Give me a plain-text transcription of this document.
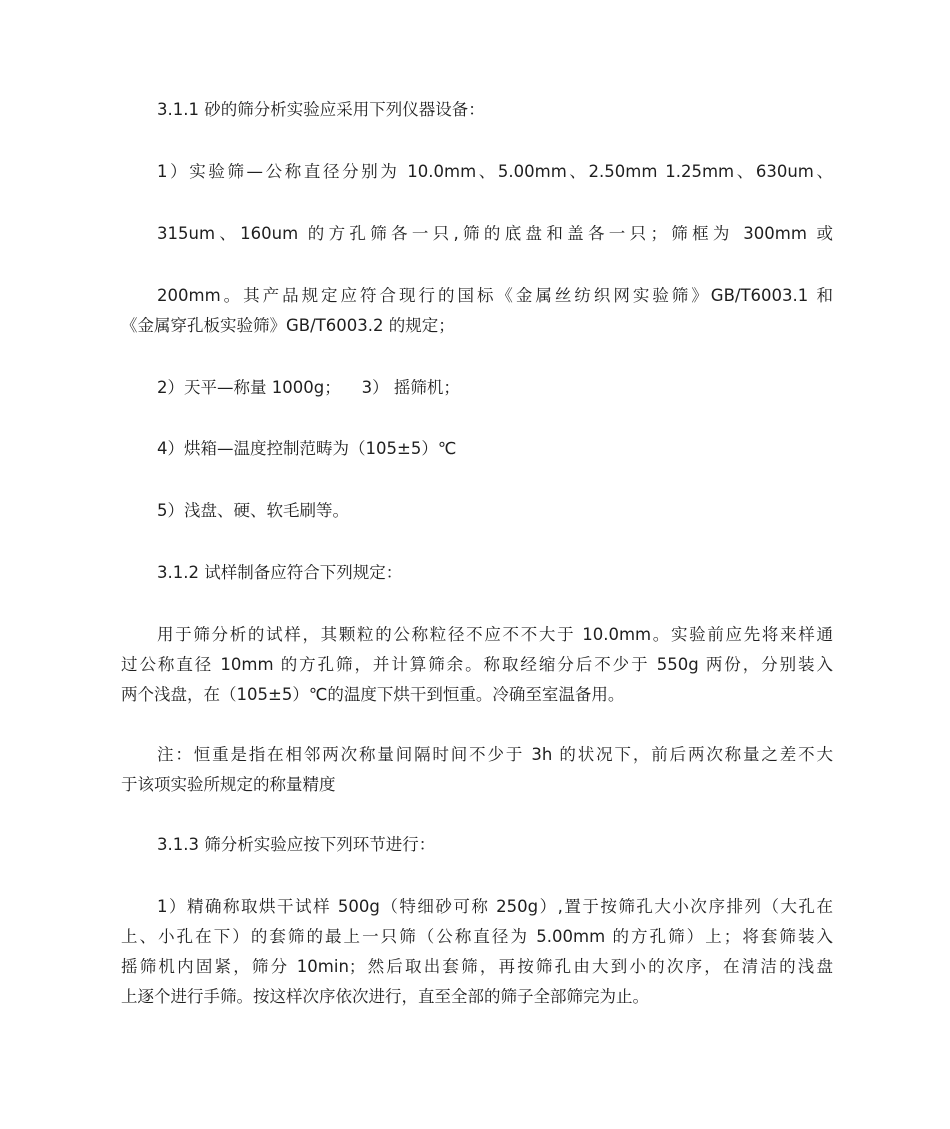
3.1.1 砂的筛分析实验应采用下列仪器设备：
1）实验筛—公称直径分别为 10.0mm、5.00mm、2.50mm 1.25mm、630um、
315um、160um 的方孔筛各一只,筛的底盘和盖各一只；筛框为 300mm 或
200mm。其产品规定应符合现行的国标《金属丝纺织网实验筛》GB/T6003.1 和
《金属穿孔板实验筛》GB/T6003.2 的规定；
2）天平—称量 1000g；    3） 摇筛机；
4）烘箱—温度控制范畴为（105±5）℃
5）浅盘、硬、软毛刷等。
3.1.2 试样制备应符合下列规定：
用于筛分析的试样，其颗粒的公称粒径不应不不大于 10.0mm。实验前应先将来样通
过公称直径 10mm 的方孔筛，并计算筛余。称取经缩分后不少于 550g 两份，分别装入
两个浅盘，在（105±5）℃的温度下烘干到恒重。冷确至室温备用。
注：恒重是指在相邻两次称量间隔时间不少于 3h 的状况下，前后两次称量之差不大
于该项实验所规定的称量精度
3.1.3 筛分析实验应按下列环节进行：
1）精确称取烘干试样 500g（特细砂可称 250g）,置于按筛孔大小次序排列（大孔在
上、小孔在下）的套筛的最上一只筛（公称直径为 5.00mm 的方孔筛）上；将套筛装入
摇筛机内固紧，筛分 10min；然后取出套筛，再按筛孔由大到小的次序，在清洁的浅盘
上逐个进行手筛。按这样次序依次进行，直至全部的筛子全部筛完为止。
